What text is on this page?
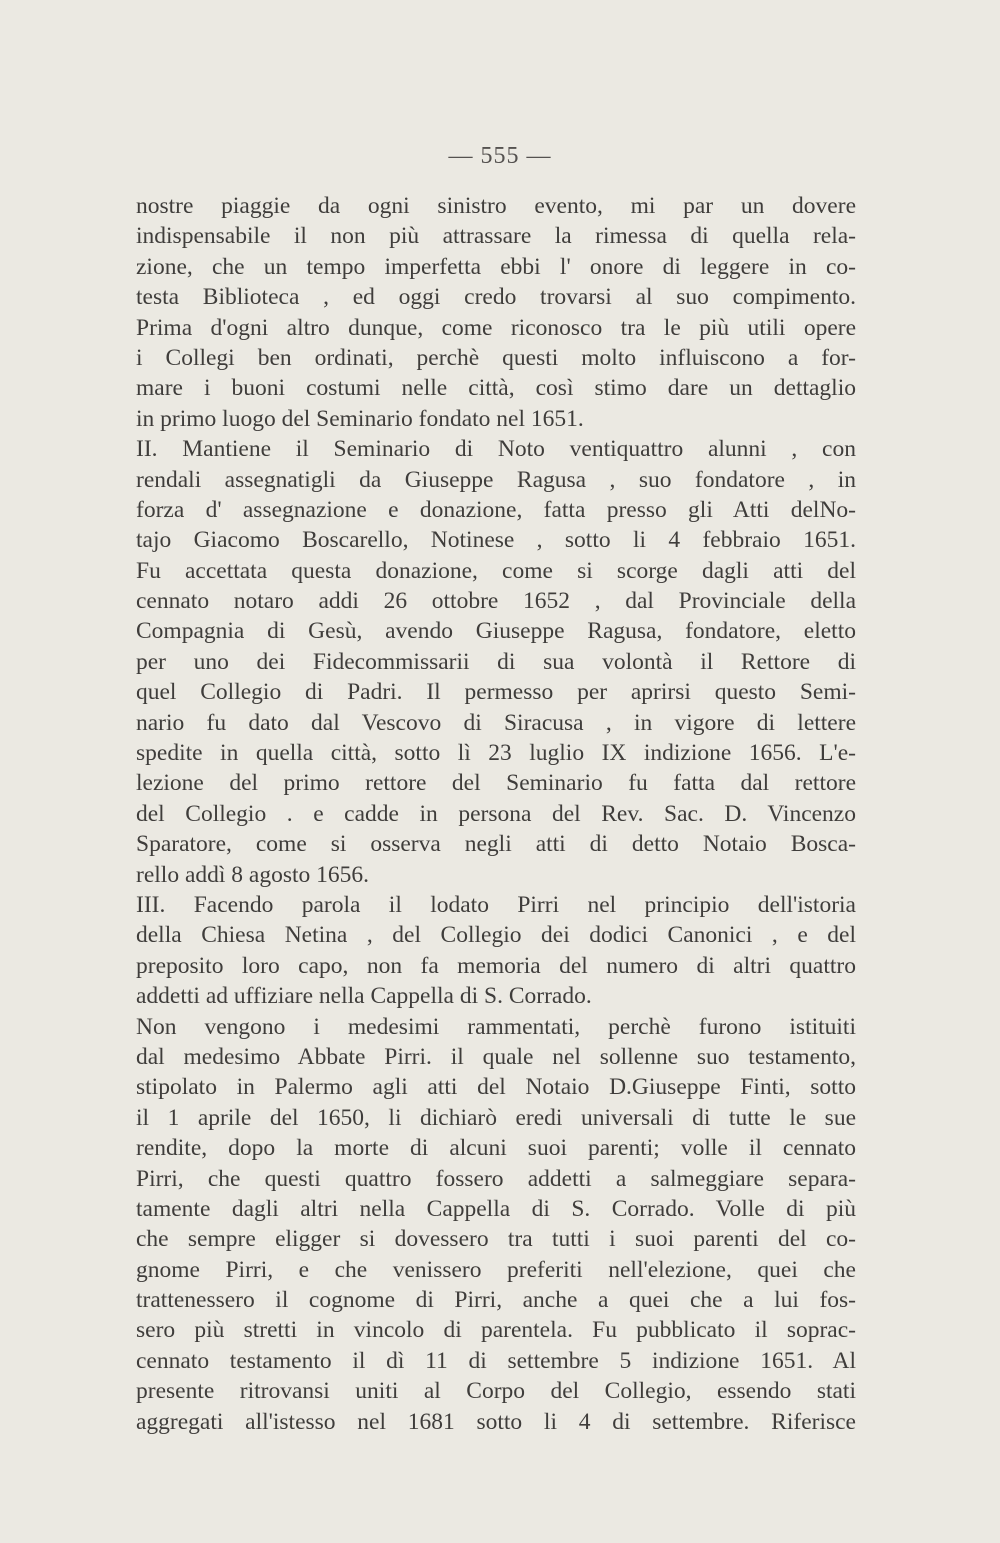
— 555 —
nostre piaggie da ogni sinistro evento, mi par un dovere
indispensabile il non più attrassare la rimessa di quella rela-
zione, che un tempo imperfetta ebbi l' onore di leggere in co-
testa Biblioteca , ed oggi credo trovarsi al suo compimento.
Prima d'ogni altro dunque, come riconosco tra le più utili opere
i Collegi ben ordinati, perchè questi molto influiscono a for-
mare i buoni costumi nelle città, così stimo dare un dettaglio
in primo luogo del Seminario fondato nel 1651.
II. Mantiene il Seminario di Noto ventiquattro alunni , con
rendali assegnatigli da Giuseppe Ragusa , suo fondatore , in
forza d' assegnazione e donazione, fatta presso gli Atti delNo-
tajo Giacomo Boscarello, Notinese , sotto li 4 febbraio 1651.
Fu accettata questa donazione, come si scorge dagli atti del
cennato notaro addi 26 ottobre 1652 , dal Provinciale della
Compagnia di Gesù, avendo Giuseppe Ragusa, fondatore, eletto
per uno dei Fidecommissarii di sua volontà il Rettore di
quel Collegio di Padri. Il permesso per aprirsi questo Semi-
nario fu dato dal Vescovo di Siracusa , in vigore di lettere
spedite in quella città, sotto lì 23 luglio IX indizione 1656. L'e-
lezione del primo rettore del Seminario fu fatta dal rettore
del Collegio . e cadde in persona del Rev. Sac. D. Vincenzo
Sparatore, come si osserva negli atti di detto Notaio Bosca-
rello addì 8 agosto 1656.
III. Facendo parola il lodato Pirri nel principio dell'istoria
della Chiesa Netina , del Collegio dei dodici Canonici , e del
preposito loro capo, non fa memoria del numero di altri quattro
addetti ad uffiziare nella Cappella di S. Corrado.
Non vengono i medesimi rammentati, perchè furono istituiti
dal medesimo Abbate Pirri. il quale nel sollenne suo testamento,
stipolato in Palermo agli atti del Notaio D.Giuseppe Finti, sotto
il 1 aprile del 1650, li dichiarò eredi universali di tutte le sue
rendite, dopo la morte di alcuni suoi parenti; volle il cennato
Pirri, che questi quattro fossero addetti a salmeggiare separa-
tamente dagli altri nella Cappella di S. Corrado. Volle di più
che sempre eligger si dovessero tra tutti i suoi parenti del co-
gnome Pirri, e che venissero preferiti nell'elezione, quei che
trattenessero il cognome di Pirri, anche a quei che a lui fos-
sero più stretti in vincolo di parentela. Fu pubblicato il soprac-
cennato testamento il dì 11 di settembre 5 indizione 1651. Al
presente ritrovansi uniti al Corpo del Collegio, essendo stati
aggregati all'istesso nel 1681 sotto li 4 di settembre. Riferisce
